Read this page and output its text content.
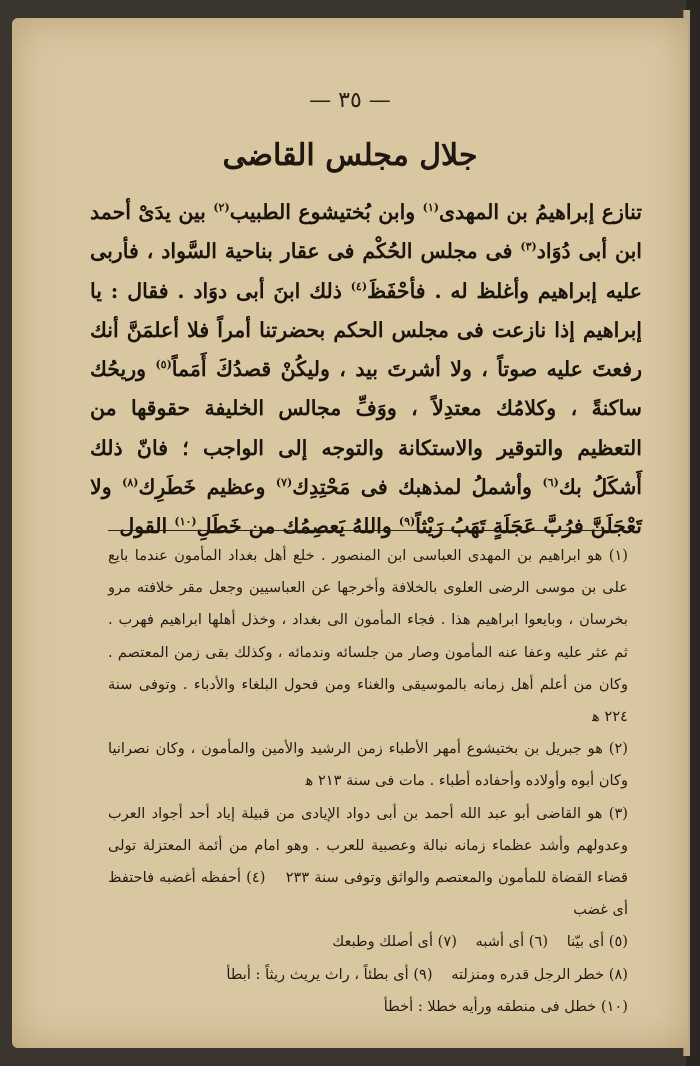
— ٣٥ —
جلال مجلس القاضى
تنازع إبراهيمُ بن المهدى$^{(١)}$ وابن بُختيشوع الطبيب$^{(٢)}$ بين يدَىْ أحمد ابن أبى دُوَاد$^{(٣)}$ فى مجلس الحُكْم فى عقار بناحية السَّواد ، فأربى عليه إبراهيم وأغلظ له . فأحْفَظَ$^{(٤)}$ ذلك ابنَ أبى دوَاد . فقال : يا إبراهيم إذا نازعت فى مجلس الحكم بحضرتنا أمراً فلا أعلمَنَّ أنك رفعتَ عليه صوتاً ، ولا أشرتَ بيد ، وليكُنْ قصدُكَ أَمَماً$^{(٥)}$ وريحُك ساكنةً ، وكلامُك معتدِلاً ، ووَفِّ مجالس الخليفة حقوقها من التعظيم والتوقير والاستكانة والتوجه إلى الواجب ؛ فانّ ذلك أَشكَلُ بك$^{(٦)}$ وأشملُ لمذهبك فى مَحْتِدِك$^{(٧)}$ وعظيم خَطَرِك$^{(٨)}$ ولا تَعْجَلَنَّ فرُبَّ عَجَلَةٍ تَهَبُ رَيْثاً$^{(٩)}$ واللهُ يَعصِمُك من خَطَلِ$^{(١٠)}$ القول
(١) هو ابراهيم بن المهدى العباسى ابن المنصور . خلع أهل بغداد المأمون عندما بايع على بن موسى الرضى العلوى بالخلافة وأخرجها عن العباسيين وجعل مقر خلافته مرو بخرسان ، وبايعوا ابراهيم هذا . فجاء المأمون الى بغداد ، وخذل أهلها ابراهيم فهرب . ثم عثر عليه وعفا عنه المأمون وصار من جلسائه وندمائه ، وكذلك بقى زمن المعتصم . وكان من أعلم أهل زمانه بالموسيقى والغناء ومن فحول البلغاء والأدباء . وتوفى سنة ٢٢٤ ﻫ
(٢) هو جبريل بن بختيشوع أمهر الأطباء زمن الرشيد والأمين والمأمون ، وكان نصرانيا وكان أبوه وأولاده وأحفاده أطباء . مات فى سنة ٢١٣ ﻫ
(٣) هو القاضى أبو عبد الله أحمد بن أبى دواد الإيادى من قبيلة إياد أحد أجواد العرب وعدولهم وأشد عظماء زمانه نبالة وعصبية للعرب . وهو امام من أئمة المعتزلة تولى قضاء القضاة للمأمون والمعتصم والواثق وتوفى سنة ٢٣٣    (٤) أحفظه أغضبه فاحتفظ أى غضب
(٥) أى بيّنا (٦) أى أشبه (٧) أى أصلك وطبعك
(٨) خطر الرجل قدره ومنزلته (٩) أى بطئاً ، راث يريث ريثاً : أبطأ
(١٠) خطل فى منطقه ورأيه خطلا : أخطأ
